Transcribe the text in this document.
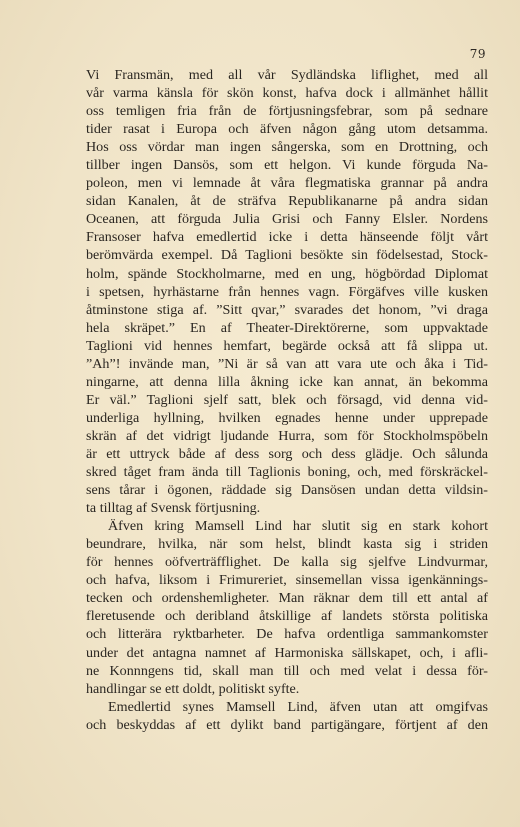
79
Vi Fransmän, med all vår Sydländska liflighet, med all
vår varma känsla för skön konst, hafva dock i allmänhet hållit
oss temligen fria från de förtjusningsfebrar, som på sednare
tider rasat i Europa och äfven någon gång utom detsamma.
Hos oss vördar man ingen sångerska, som en Drottning, och
tillber ingen Dansös, som ett helgon. Vi kunde förguda Na-
poleon, men vi lemnade åt våra flegmatiska grannar på andra
sidan Kanalen, åt de sträfva Republikanarne på andra sidan
Oceanen, att förguda Julia Grisi och Fanny Elsler. Nordens
Fransoser hafva emedlertid icke i detta hänseende följt vårt
berömvärda exempel. Då Taglioni besökte sin födelsestad, Stock-
holm, spände Stockholmarne, med en ung, högbördad Diplomat
i spetsen, hyrhästarne från hennes vagn. Förgäfves ville kusken
åtminstone stiga af. ”Sitt qvar,” svarades det honom, ”vi draga
hela skräpet.” En af Theater-Direktörerne, som uppvaktade
Taglioni vid hennes hemfart, begärde också att få slippa ut.
”Ah”! invände man, ”Ni är så van att vara ute och åka i Tid-
ningarne, att denna lilla åkning icke kan annat, än bekomma
Er väl.” Taglioni sjelf satt, blek och försagd, vid denna vid-
underliga hyllning, hvilken egnades henne under upprepade
skrän af det vidrigt ljudande Hurra, som för Stockholmspöbeln
är ett uttryck både af dess sorg och dess glädje. Och sålunda
skred tåget fram ända till Taglionis boning, och, med förskräckel-
sens tårar i ögonen, räddade sig Dansösen undan detta vildsin-
ta tilltag af Svensk förtjusning.
Äfven kring Mamsell Lind har slutit sig en stark kohort
beundrare, hvilka, när som helst, blindt kasta sig i striden
för hennes oöfverträfflighet. De kalla sig sjelfve Lindvurmar,
och hafva, liksom i Frimureriet, sinsemellan vissa igenkännings-
tecken och ordenshemligheter. Man räknar dem till ett antal af
fleretusende och deribland åtskillige af landets största politiska
och litterära ryktbarheter. De hafva ordentliga sammankomster
under det antagna namnet af Harmoniska sällskapet, och, i afli-
ne Konnngens tid, skall man till och med velat i dessa för-
handlingar se ett doldt, politiskt syfte.
Emedlertid synes Mamsell Lind, äfven utan att omgifvas
och beskyddas af ett dylikt band partigängare, förtjent af den
